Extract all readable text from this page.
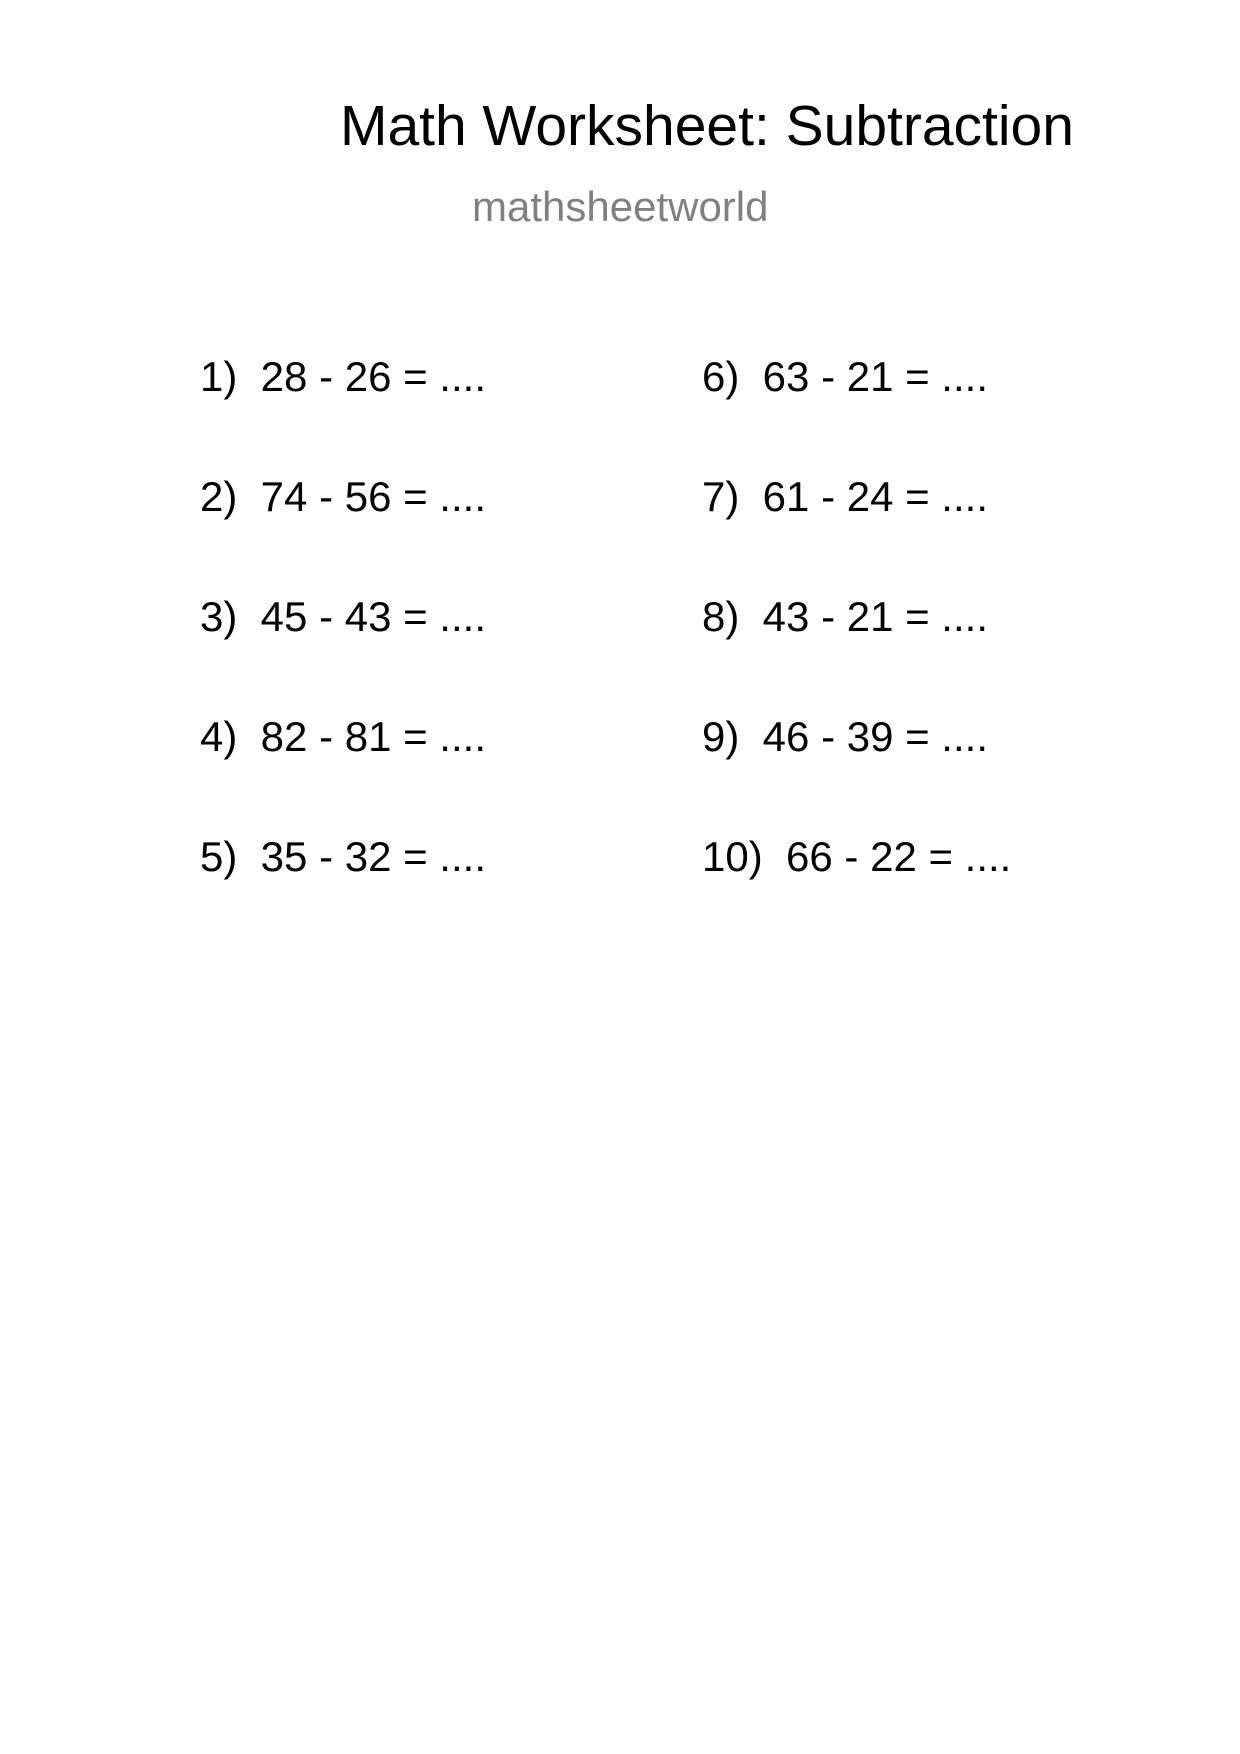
Math Worksheet: Subtraction
mathsheetworld
1)  28 - 26 = ....
2)  74 - 56 = ....
3)  45 - 43 = ....
4)  82 - 81 = ....
5)  35 - 32 = ....
6)  63 - 21 = ....
7)  61 - 24 = ....
8)  43 - 21 = ....
9)  46 - 39 = ....
10)  66 - 22 = ....
